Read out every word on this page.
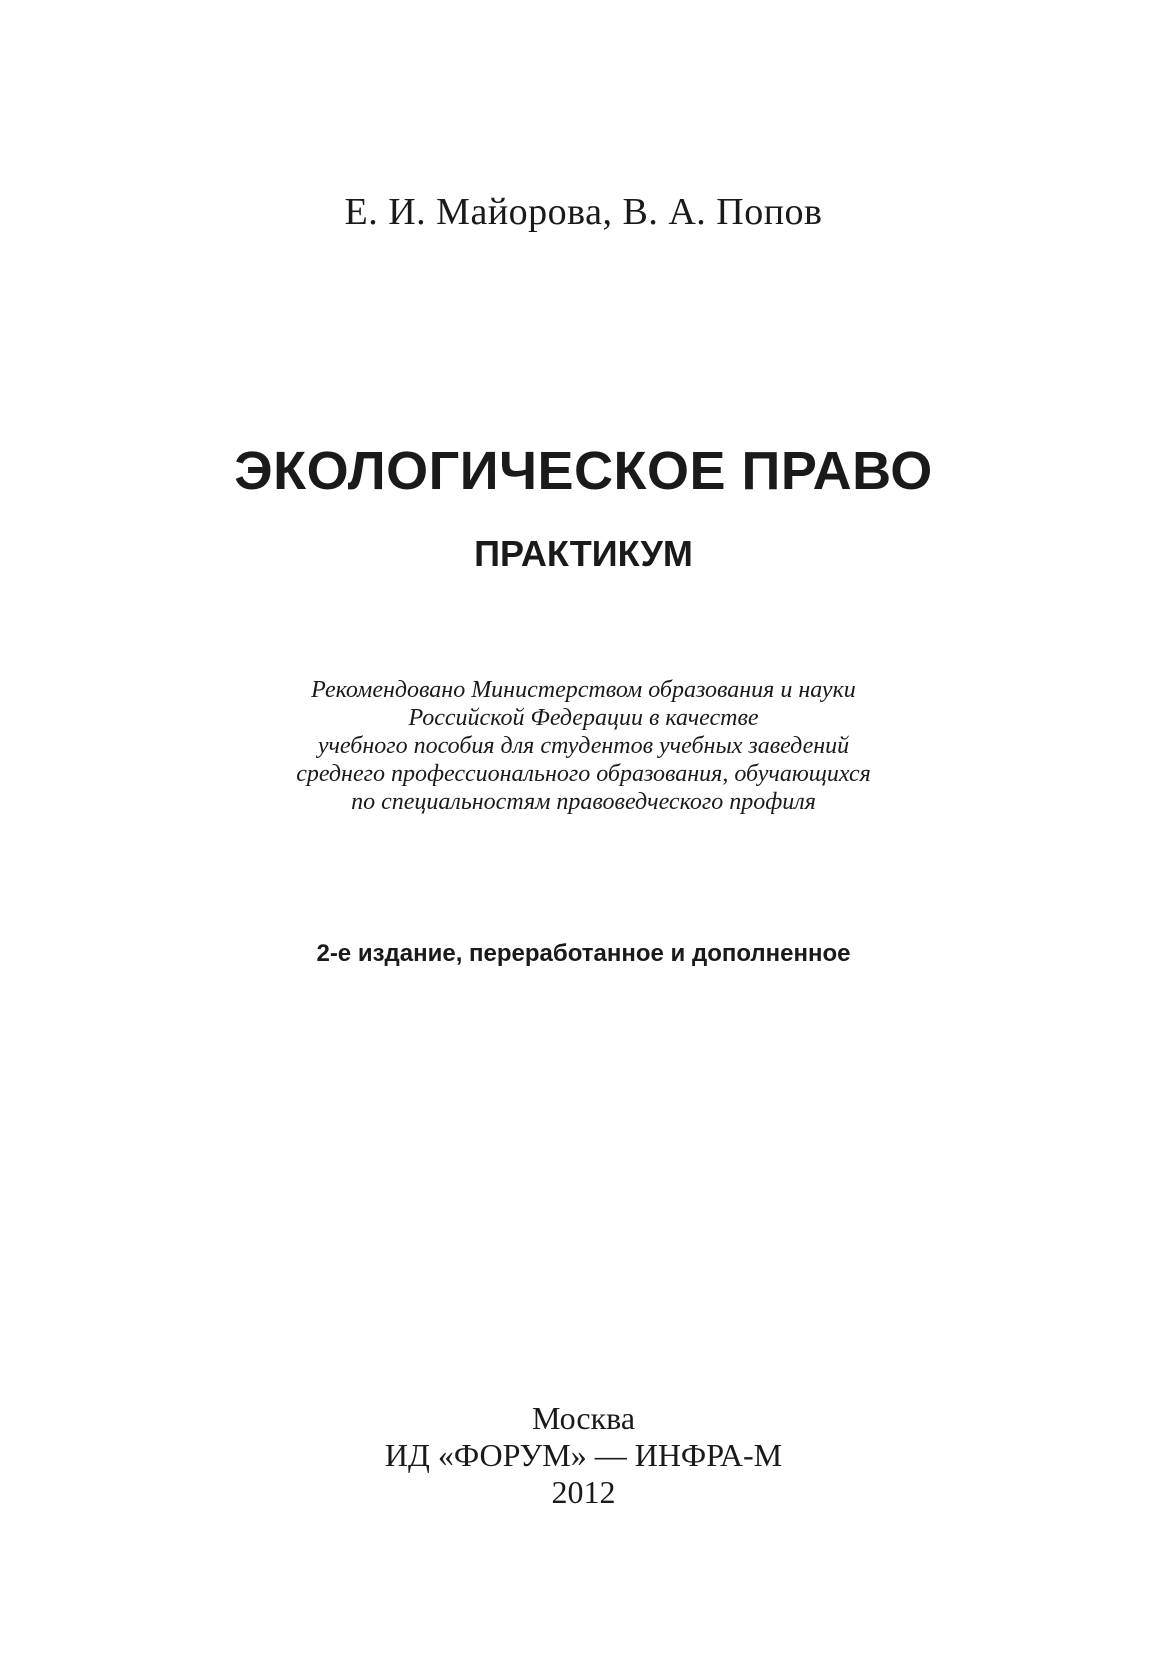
Е. И. Майорова, В. А. Попов
ЭКОЛОГИЧЕСКОЕ ПРАВО
ПРАКТИКУМ
Рекомендовано Министерством образования и науки
Российской Федерации в качестве
учебного пособия для студентов учебных заведений
среднего профессионального образования, обучающихся
по специальностям правоведческого профиля
2-е издание, переработанное и дополненное
Москва
ИД «ФОРУМ» — ИНФРА-М
2012
